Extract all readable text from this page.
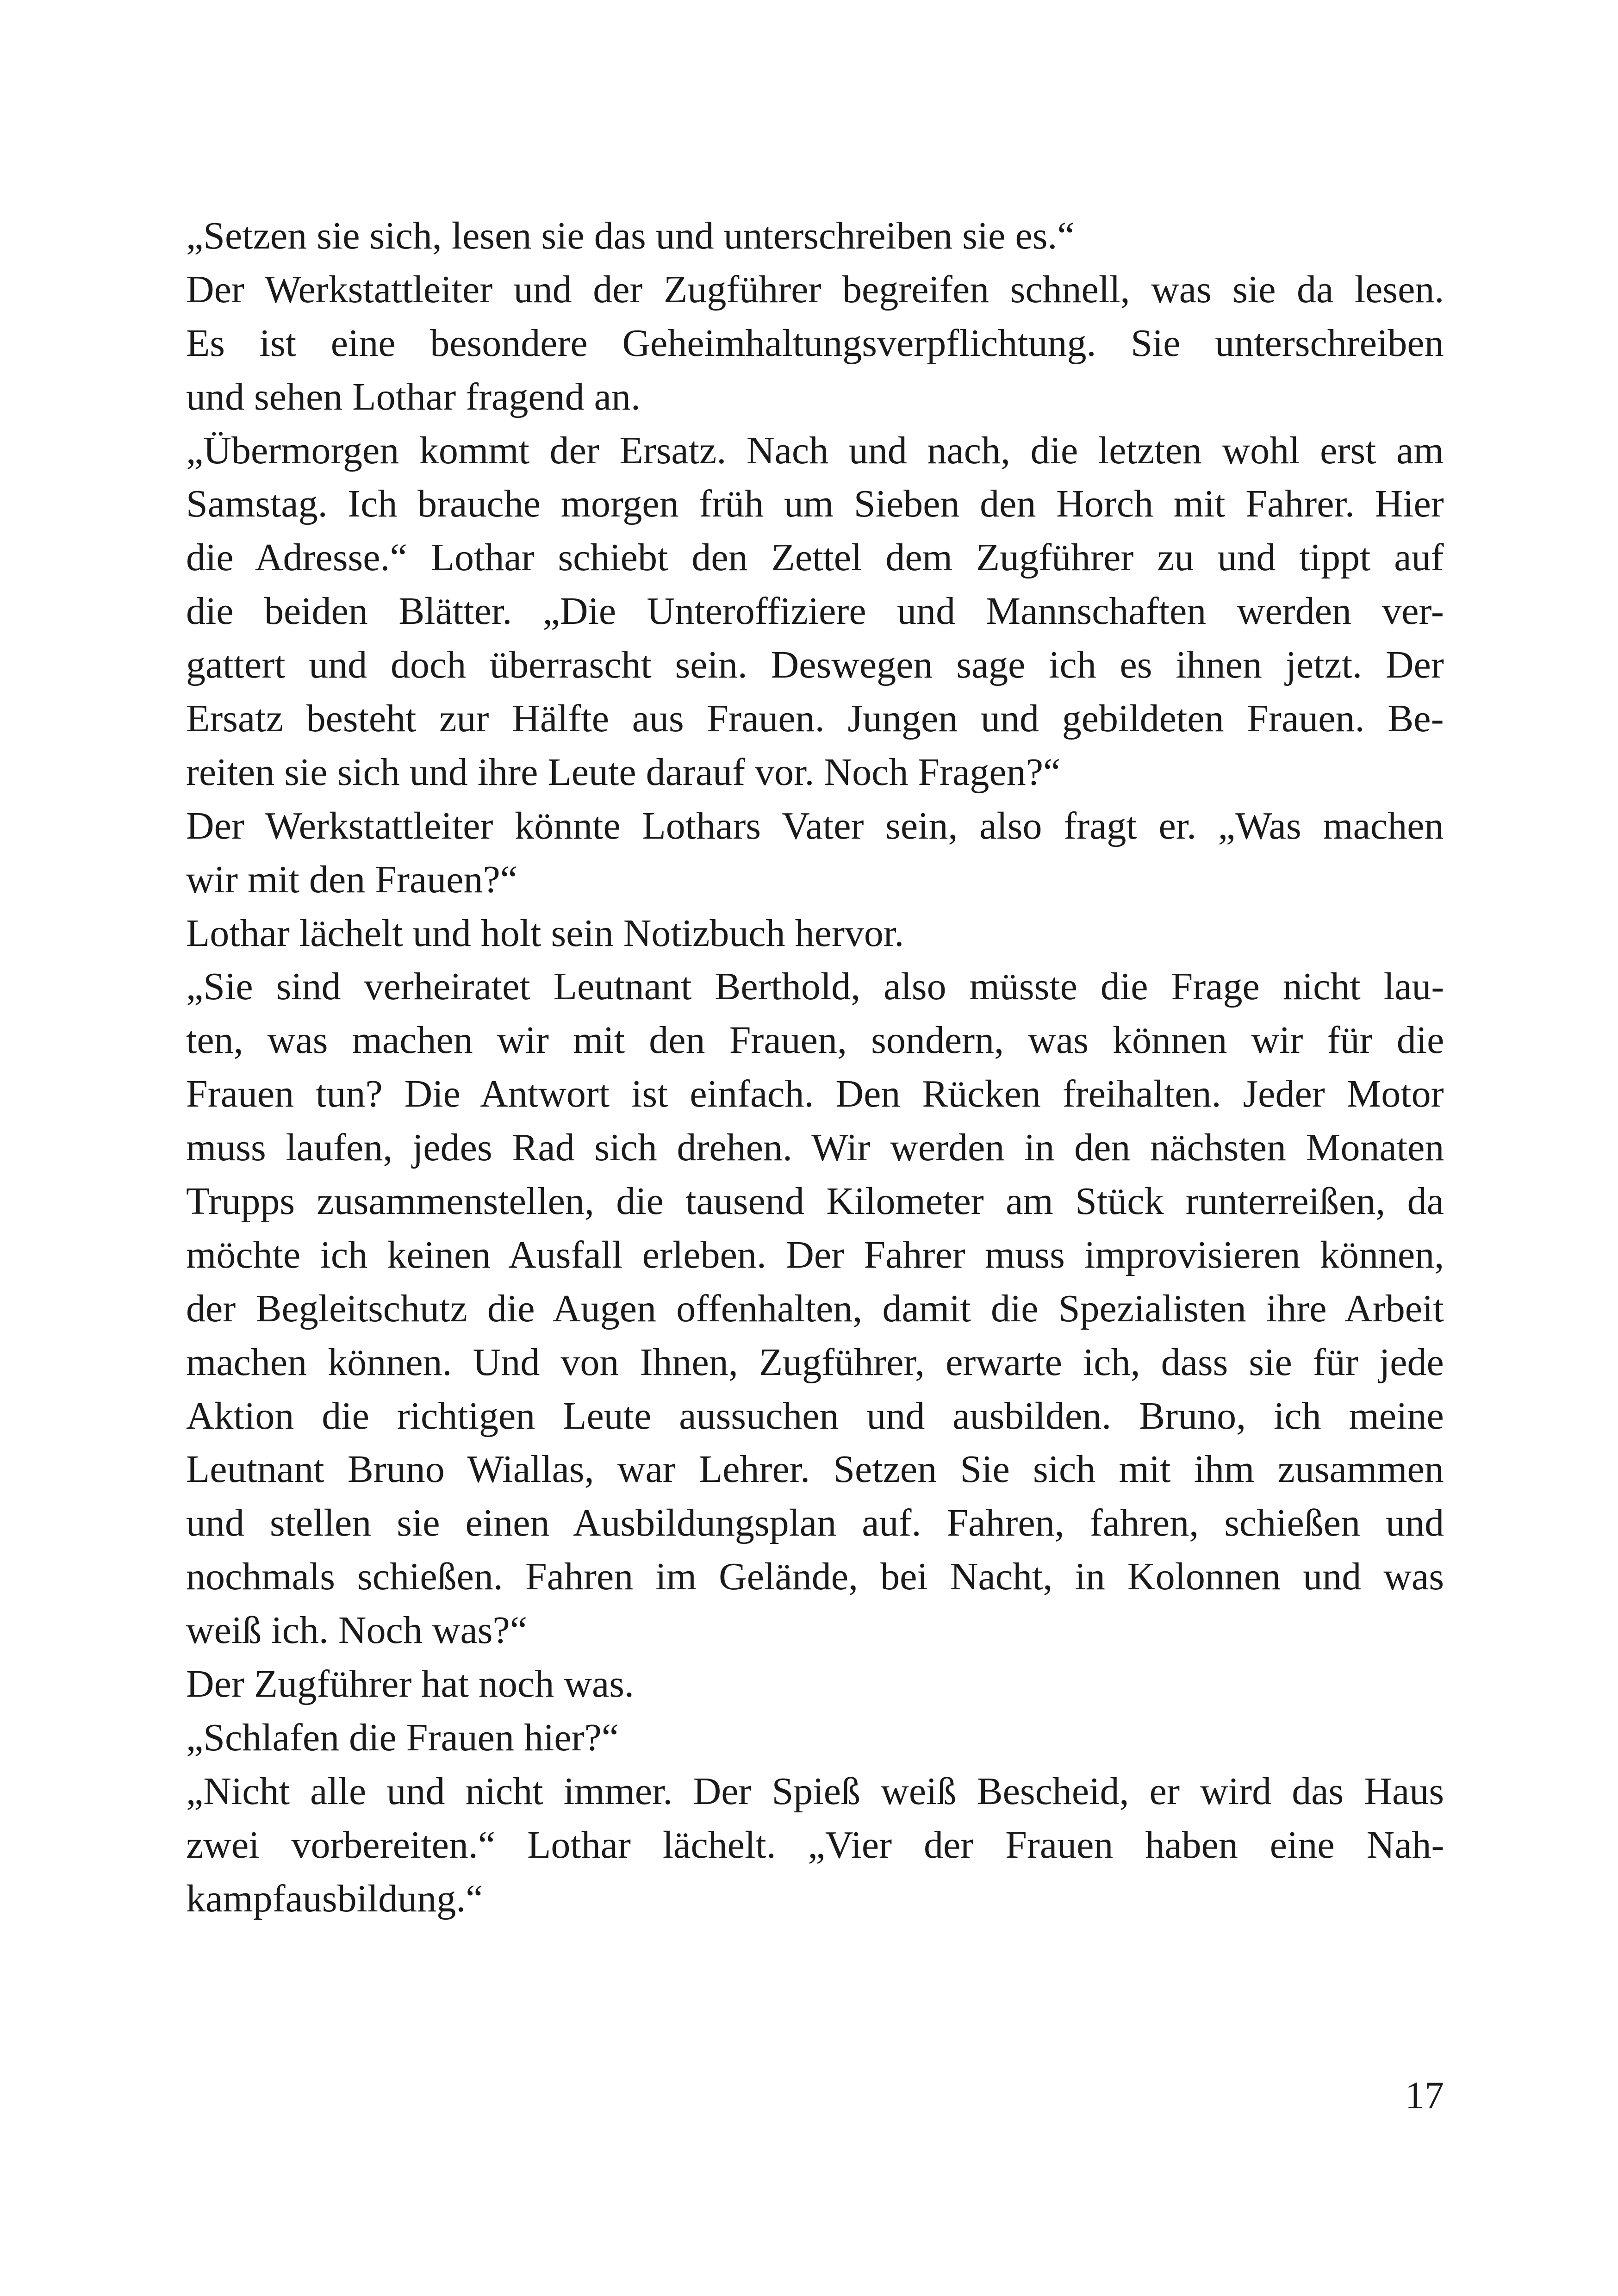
„Setzen sie sich, lesen sie das und unterschreiben sie es.“
Der Werkstattleiter und der Zugführer begreifen schnell, was sie da lesen.
Es ist eine besondere Geheimhaltungsverpflichtung. Sie unterschreiben
und sehen Lothar fragend an.
„Übermorgen kommt der Ersatz. Nach und nach, die letzten wohl erst am
Samstag. Ich brauche morgen früh um Sieben den Horch mit Fahrer. Hier
die Adresse.“ Lothar schiebt den Zettel dem Zugführer zu und tippt auf
die beiden Blätter. „Die Unteroffiziere und Mannschaften werden ver-
gattert und doch überrascht sein. Deswegen sage ich es ihnen jetzt. Der
Ersatz besteht zur Hälfte aus Frauen. Jungen und gebildeten Frauen. Be-
reiten sie sich und ihre Leute darauf vor. Noch Fragen?“
Der Werkstattleiter könnte Lothars Vater sein, also fragt er. „Was machen
wir mit den Frauen?“
Lothar lächelt und holt sein Notizbuch hervor.
„Sie sind verheiratet Leutnant Berthold, also müsste die Frage nicht lau-
ten, was machen wir mit den Frauen, sondern, was können wir für die
Frauen tun? Die Antwort ist einfach. Den Rücken freihalten. Jeder Motor
muss laufen, jedes Rad sich drehen. Wir werden in den nächsten Monaten
Trupps zusammenstellen, die tausend Kilometer am Stück runterreißen, da
möchte ich keinen Ausfall erleben. Der Fahrer muss improvisieren können,
der Begleitschutz die Augen offenhalten, damit die Spezialisten ihre Arbeit
machen können. Und von Ihnen, Zugführer, erwarte ich, dass sie für jede
Aktion die richtigen Leute aussuchen und ausbilden. Bruno, ich meine
Leutnant Bruno Wiallas, war Lehrer. Setzen Sie sich mit ihm zusammen
und stellen sie einen Ausbildungsplan auf. Fahren, fahren, schießen und
nochmals schießen. Fahren im Gelände, bei Nacht, in Kolonnen und was
weiß ich. Noch was?“
Der Zugführer hat noch was.
„Schlafen die Frauen hier?“
„Nicht alle und nicht immer. Der Spieß weiß Bescheid, er wird das Haus
zwei vorbereiten.“ Lothar lächelt. „Vier der Frauen haben eine Nah-
kampfausbildung.“
17
